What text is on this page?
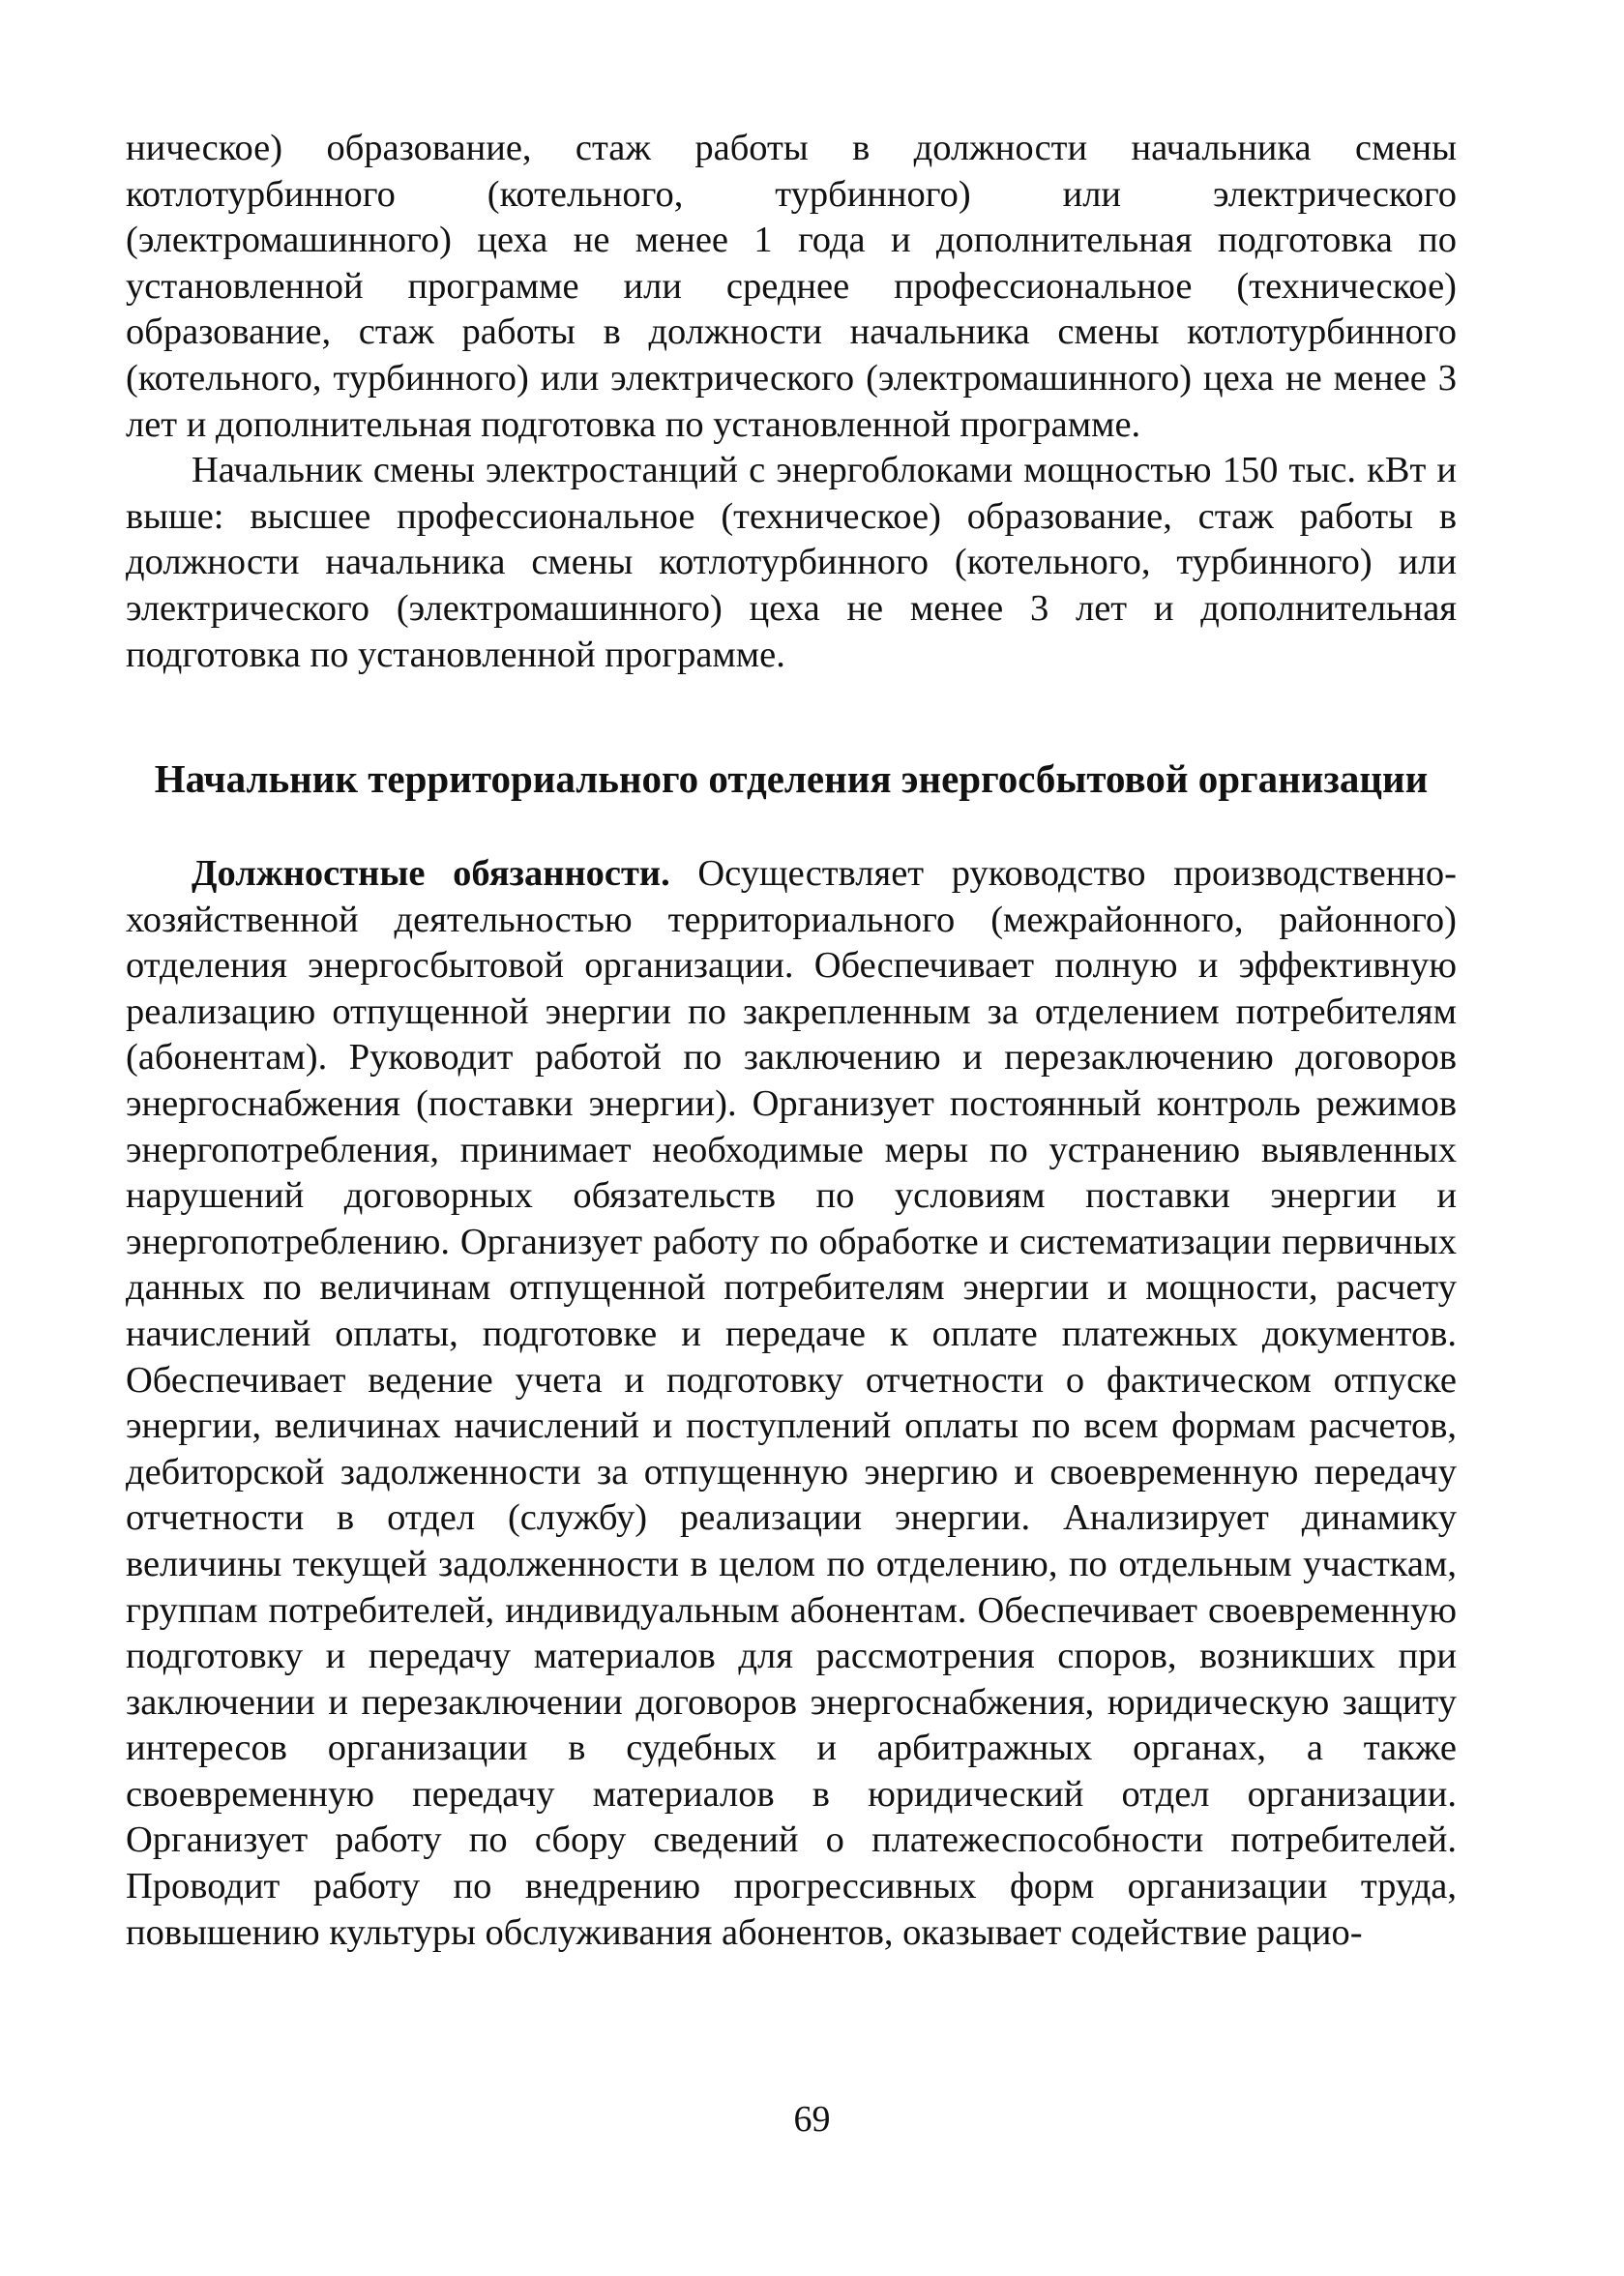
ническое) образование, стаж работы в должности начальника смены котлотурбинного (котельного, турбинного) или электрического (электромашинного) цеха не менее 1 года и дополнительная подготовка по установленной программе или среднее профессиональное (техническое) образование, стаж работы в должности начальника смены котлотурбинного (котельного, турбинного) или электрического (электромашинного) цеха не менее 3 лет и дополнительная подготовка по установленной программе.

Начальник смены электростанций с энергоблоками мощностью 150 тыс. кВт и выше: высшее профессиональное (техническое) образование, стаж работы в должности начальника смены котлотурбинного (котельного, турбинного) или электрического (электромашинного) цеха не менее 3 лет и дополнительная подготовка по установленной программе.

Начальник территориального отделения энергосбытовой организации

Должностные обязанности. Осуществляет руководство производственно-хозяйственной деятельностью территориального (межрайонного, районного) отделения энергосбытовой организации. Обеспечивает полную и эффективную реализацию отпущенной энергии по закрепленным за отделением потребителям (абонентам). Руководит работой по заключению и перезаключению договоров энергоснабжения (поставки энергии). Организует постоянный контроль режимов энергопотребления, принимает необходимые меры по устранению выявленных нарушений договорных обязательств по условиям поставки энергии и энергопотреблению. Организует работу по обработке и систематизации первичных данных по величинам отпущенной потребителям энергии и мощности, расчету начислений оплаты, подготовке и передаче к оплате платежных документов. Обеспечивает ведение учета и подготовку отчетности о фактическом отпуске энергии, величинах начислений и поступлений оплаты по всем формам расчетов, дебиторской задолженности за отпущенную энергию и своевременную передачу отчетности в отдел (службу) реализации энергии. Анализирует динамику величины текущей задолженности в целом по отделению, по отдельным участкам, группам потребителей, индивидуальным абонентам. Обеспечивает своевременную подготовку и передачу материалов для рассмотрения споров, возникших при заключении и перезаключении договоров энергоснабжения, юридическую защиту интересов организации в судебных и арбитражных органах, а также своевременную передачу материалов в юридический отдел организации. Организует работу по сбору сведений о платежеспособности потребителей. Проводит работу по внедрению прогрессивных форм организации труда, повышению культуры обслуживания абонентов, оказывает содействие рацио-

69
